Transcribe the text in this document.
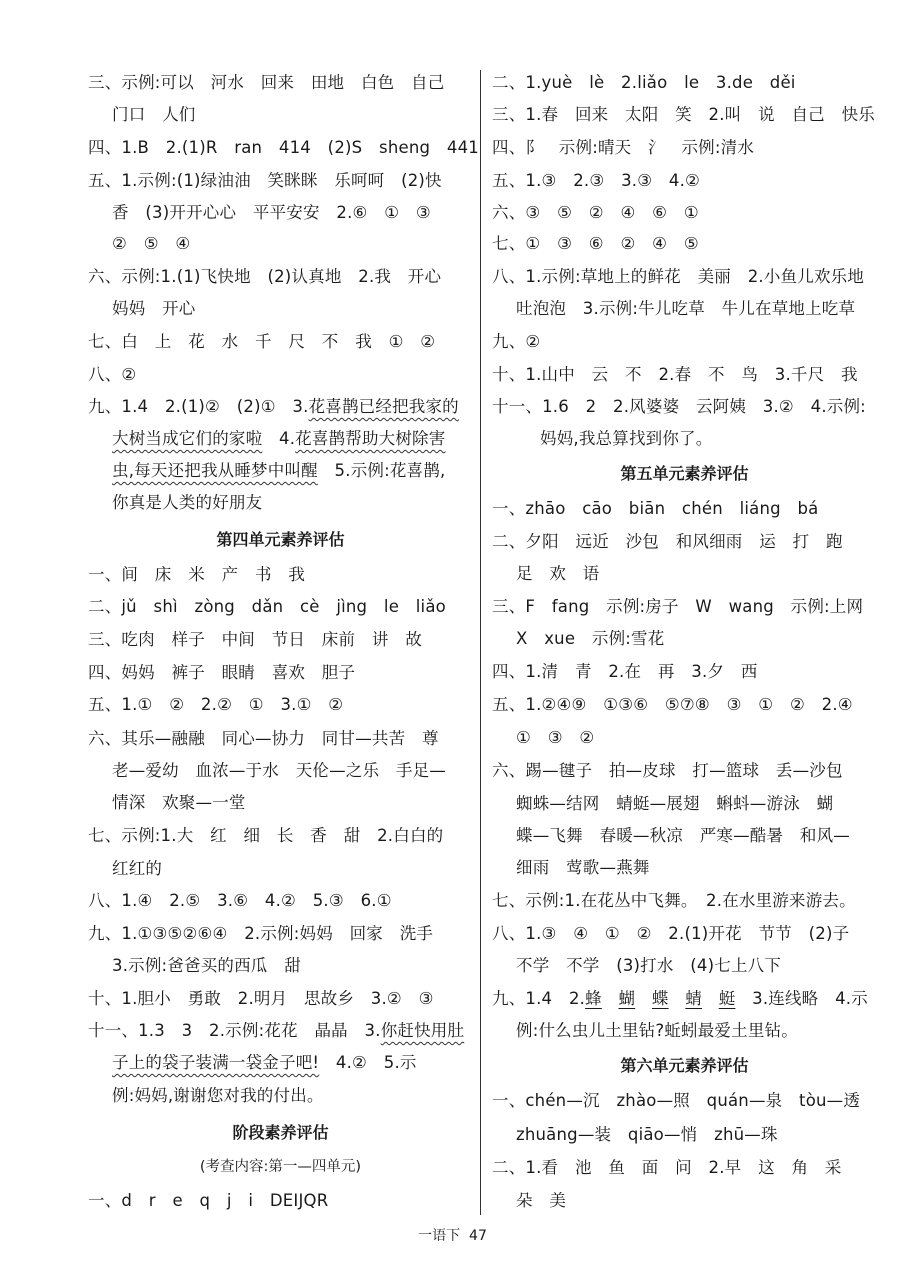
三、示例:可以　河水　回来　田地　白色　自己
门口　人们
四、1.B　2.(1)R　ran　414　(2)S　sheng　441
五、1.示例:(1)绿油油　笑眯眯　乐呵呵　(2)快
香　(3)开开心心　平平安安　2.⑥　①　③
②　⑤　④
六、示例:1.(1)飞快地　(2)认真地　2.我　开心
妈妈　开心
七、白　上　花　水　千　尺　不　我　①　②
八、②
九、1.4　2.(1)②　(2)①　3.花喜鹊已经把我家的
大树当成它们的家啦　4.花喜鹊帮助大树除害
虫,每天还把我从睡梦中叫醒　5.示例:花喜鹊,
你真是人类的好朋友
第四单元素养评估
一、间　床　米　产　书　我
二、jǔ　shì　zòng　dǎn　cè　jìng　le　liǎo
三、吃肉　样子　中间　节日　床前　讲　故
四、妈妈　裤子　眼睛　喜欢　胆子
五、1.①　②　2.②　①　3.①　②
六、其乐—融融　同心—协力　同甘—共苦　尊
老—爱幼　血浓—于水　天伦—之乐　手足—
情深　欢聚—一堂
七、示例:1.大　红　细　长　香　甜　2.白白的
红红的
八、1.④　2.⑤　3.⑥　4.②　5.③　6.①
九、1.①③⑤②⑥④　2.示例:妈妈　回家　洗手
3.示例:爸爸买的西瓜　甜
十、1.胆小　勇敢　2.明月　思故乡　3.②　③
十一、1.3　3　2.示例:花花　晶晶　3.你赶快用肚
子上的袋子装满一袋金子吧!　4.②　5.示
例:妈妈,谢谢您对我的付出。
阶段素养评估
(考查内容:第一—四单元)
一、d　r　e　q　j　i　DEIJQR
二、1.yuè　lè　2.liǎo　le　3.de　děi
三、1.春　回来　太阳　笑　2.叫　说　自己　快乐
四、阝　示例:晴天　氵　示例:清水
五、1.③　2.③　3.③　4.②
六、③　⑤　②　④　⑥　①
七、①　③　⑥　②　④　⑤
八、1.示例:草地上的鲜花　美丽　2.小鱼儿欢乐地
吐泡泡　3.示例:牛儿吃草　牛儿在草地上吃草
九、②
十、1.山中　云　不　2.春　不　鸟　3.千尺　我
十一、1.6　2　2.风婆婆　云阿姨　3.②　4.示例:
妈妈,我总算找到你了。
第五单元素养评估
一、zhāo　cāo　biān　chén　liáng　bá
二、夕阳　远近　沙包　和风细雨　运　打　跑
足　欢　语
三、F　fang　示例:房子　W　wang　示例:上网
X　xue　示例:雪花
四、1.清　青　2.在　再　3.夕　西
五、1.②④⑨　①③⑥　⑤⑦⑧　③　①　②　2.④
①　③　②
六、踢—毽子　拍—皮球　打—篮球　丢—沙包
蜘蛛—结网　蜻蜓—展翅　蝌蚪—游泳　蝴
蝶—飞舞　春暖—秋凉　严寒—酷暑　和风—
细雨　莺歌—燕舞
七、示例:1.在花丛中飞舞。　2.在水里游来游去。
八、1.③　④　①　②　2.(1)开花　节节　(2)子
不学　不学　(3)打水　(4)七上八下
九、1.4　2.蜂　 蝴　 蝶　 蜻　 蜓　3.连线略　4.示
例:什么虫儿土里钻?蚯蚓最爱土里钻。
第六单元素养评估
一、chén—沉　zhào—照　quán—泉　tòu—透
zhuāng—装　qiāo—悄　zhū—珠
二、1.看　池　鱼　面　问　2.早　这　角　采
朵　美
一语下 47
